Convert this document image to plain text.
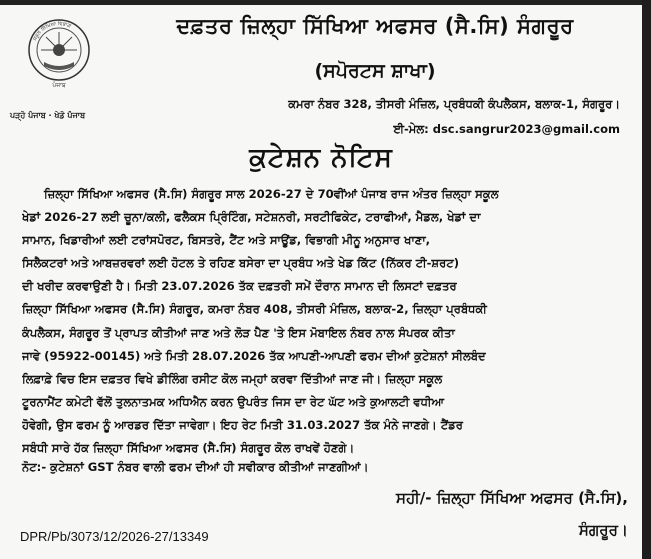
ਸਕੂਲ ਸਿੱਖਿਆ ਵਿਭਾਗ
ਪੰਜਾਬ
ਪੜ੍ਹੋ ਪੰਜਾਬ · ਖੇਡੋ ਪੰਜਾਬ
ਦਫ਼ਤਰ ਜ਼ਿਲ੍ਹਾ ਸਿੱਖਿਆ ਅਫਸਰ (ਸੈ.ਸਿ) ਸੰਗਰੂਰ
(ਸਪੋਰਟਸ ਸ਼ਾਖਾ)
ਕਮਰਾ ਨੰਬਰ 328, ਤੀਸਰੀ ਮੰਜ਼ਿਲ, ਪ੍ਰਬੰਧਕੀ ਕੰਪਲੈਕਸ, ਬਲਾਕ-1, ਸੰਗਰੂਰ।
ਈ-ਮੇਲ: dsc.sangrur2023@gmail.com
ਕੁਟੇਸ਼ਨ ਨੋਟਿਸ
ਜ਼ਿਲ੍ਹਾ ਸਿੱਖਿਆ ਅਫਸਰ (ਸੈ.ਸਿ) ਸੰਗਰੂਰ ਸਾਲ 2026-27 ਦੇ 70ਵੀਂਆਂ ਪੰਜਾਬ ਰਾਜ ਅੰਤਰ ਜ਼ਿਲ੍ਹਾ ਸਕੂਲ
ਖੇਡਾਂ 2026-27 ਲਈ ਚੂਨਾ/ਕਲੀ, ਫਲੈਕਸ ਪ੍ਰਿੰਟਿੰਗ, ਸਟੇਸ਼ਨਰੀ, ਸਰਟੀਫਿਕੇਟ, ਟਰਾਫੀਆਂ, ਮੈਡਲ, ਖੇਡਾਂ ਦਾ
ਸਾਮਾਨ, ਖਿਡਾਰੀਆਂ ਲਈ ਟਰਾਂਸਪੋਰਟ, ਬਿਸਤਰੇ, ਟੈਂਟ ਅਤੇ ਸਾਊਂਡ, ਵਿਭਾਗੀ ਮੀਨੂ ਅਨੁਸਾਰ ਖਾਣਾ,
ਸਿਲੈਕਟਰਾਂ ਅਤੇ ਆਬਜ਼ਰਵਰਾਂ ਲਈ ਹੋਟਲ ਤੇ ਰਹਿਣ ਬਸੇਰਾ ਦਾ ਪ੍ਰਬੰਧ ਅਤੇ ਖੇਡ ਕਿੱਟ (ਨਿੱਕਰ ਟੀ-ਸ਼ਰਟ)
ਦੀ ਖਰੀਦ ਕਰਵਾਉਣੀ ਹੈ। ਮਿਤੀ 23.07.2026 ਤੱਕ ਦਫ਼ਤਰੀ ਸਮੇਂ ਦੌਰਾਨ ਸਾਮਾਨ ਦੀ ਲਿਸਟਾਂ ਦਫ਼ਤਰ
ਜ਼ਿਲ੍ਹਾ ਸਿੱਖਿਆ ਅਫਸਰ (ਸੈ.ਸਿ) ਸੰਗਰੂਰ, ਕਮਰਾ ਨੰਬਰ 408, ਤੀਸਰੀ ਮੰਜ਼ਿਲ, ਬਲਾਕ-2, ਜ਼ਿਲ੍ਹਾ ਪ੍ਰਬੰਧਕੀ
ਕੰਪਲੈਕਸ, ਸੰਗਰੂਰ ਤੋਂ ਪ੍ਰਾਪਤ ਕੀਤੀਆਂ ਜਾਣ ਅਤੇ ਲੋੜ ਪੈਣ 'ਤੇ ਇਸ ਮੋਬਾਇਲ ਨੰਬਰ ਨਾਲ ਸੰਪਰਕ ਕੀਤਾ
ਜਾਵੇ (95922-00145) ਅਤੇ ਮਿਤੀ 28.07.2026 ਤੱਕ ਆਪਣੀ-ਆਪਣੀ ਫਰਮ ਦੀਆਂ ਕੁਟੇਸ਼ਨਾਂ ਸੀਲਬੰਦ
ਲਿਫ਼ਾਫ਼ੇ ਵਿਚ ਇਸ ਦਫ਼ਤਰ ਵਿਖੇ ਡੀਲਿੰਗ ਰਸੀਟ ਕੋਲ ਜਮ੍ਹਾਂ ਕਰਵਾ ਦਿੱਤੀਆਂ ਜਾਣ ਜੀ। ਜ਼ਿਲ੍ਹਾ ਸਕੂਲ
ਟੂਰਨਾਮੈਂਟ ਕਮੇਟੀ ਵੱਲੋਂ ਤੁਲਨਾਤਮਕ ਅਧਿਐਨ ਕਰਨ ਉਪਰੰਤ ਜਿਸ ਦਾ ਰੇਟ ਘੱਟ ਅਤੇ ਕੁਆਲਟੀ ਵਧੀਆ
ਹੋਵੇਗੀ, ਉਸ ਫਰਮ ਨੂੰ ਆਰਡਰ ਦਿੱਤਾ ਜਾਵੇਗਾ। ਇਹ ਰੇਟ ਮਿਤੀ 31.03.2027 ਤੱਕ ਮੰਨੇ ਜਾਣਗੇ। ਟੈਂਡਰ
ਸਬੰਧੀ ਸਾਰੇ ਹੱਕ ਜ਼ਿਲ੍ਹਾ ਸਿੱਖਿਆ ਅਫਸਰ (ਸੈ.ਸਿ) ਸੰਗਰੂਰ ਕੋਲ ਰਾਖਵੇਂ ਹੋਣਗੇ।
ਨੋਟ:- ਕੁਟੇਸ਼ਨਾਂ GST ਨੰਬਰ ਵਾਲੀ ਫਰਮ ਦੀਆਂ ਹੀ ਸਵੀਕਾਰ ਕੀਤੀਆਂ ਜਾਣਗੀਆਂ।
ਸਹੀ/- ਜ਼ਿਲ੍ਹਾ ਸਿੱਖਿਆ ਅਫਸਰ (ਸੈ.ਸਿ),
ਸੰਗਰੂਰ।
DPR/Pb/3073/12/2026-27/13349
